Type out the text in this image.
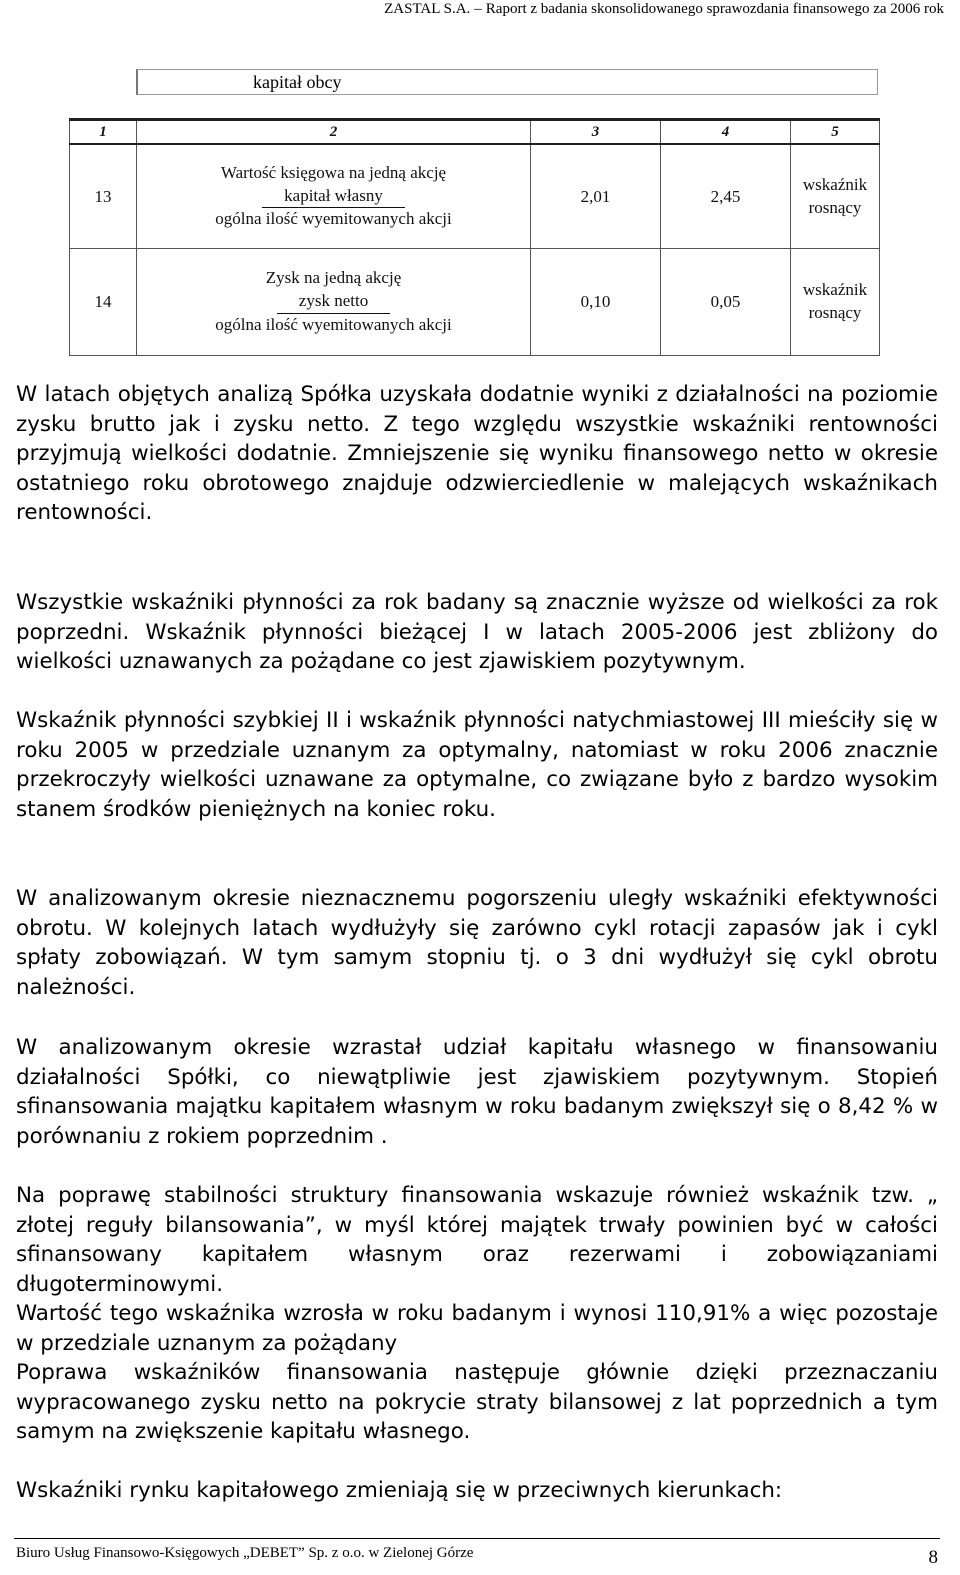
ZASTAL S.A. – Raport z badania skonsolidowanego sprawozdania finansowego za 2006 rok
kapitał obcy
1	2	3	4	5
13	Wartość księgowa na jedną akcję
kapitał własny
ogólna ilość wyemitowanych akcji	2,01	2,45	wskaźnik
rosnący

14	Zysk na jedną akcję
zysk netto
ogólna ilość wyemitowanych akcji	0,10	0,05	wskaźnik
rosnący

W latach objętych analizą Spółka uzyskała dodatnie wyniki z działalności na poziomie zysku brutto jak i zysku netto. Z tego względu wszystkie wskaźniki rentowności przyjmują wielkości dodatnie. Zmniejszenie się wyniku finansowego netto w okresie ostatniego roku obrotowego znajduje odzwierciedlenie w malejących wskaźnikach rentowności.

Wszystkie wskaźniki płynności za rok badany są znacznie wyższe od wielkości za rok poprzedni. Wskaźnik płynności bieżącej I w latach 2005-2006 jest zbliżony do wielkości uznawanych za pożądane co jest zjawiskiem pozytywnym.

Wskaźnik płynności szybkiej II i wskaźnik płynności natychmiastowej III mieściły się w roku 2005 w przedziale uznanym za optymalny, natomiast w roku 2006 znacznie przekroczyły wielkości uznawane za optymalne, co związane było z bardzo wysokim stanem środków pieniężnych na koniec roku.

W analizowanym okresie nieznacznemu pogorszeniu uległy wskaźniki efektywności obrotu. W kolejnych latach wydłużyły się zarówno cykl rotacji zapasów jak i cykl spłaty zobowiązań. W tym samym stopniu tj. o 3 dni wydłużył się cykl obrotu należności.

W analizowanym okresie wzrastał udział kapitału własnego w finansowaniu działalności Spółki, co niewątpliwie jest zjawiskiem pozytywnym. Stopień sfinansowania majątku kapitałem własnym w roku badanym zwiększył się o 8,42 % w porównaniu z rokiem poprzednim .

Na poprawę stabilności struktury finansowania wskazuje również wskaźnik tzw. „ złotej reguły bilansowania”, w myśl której majątek trwały powinien być w całości sfinansowany kapitałem własnym oraz rezerwami i zobowiązaniami długoterminowymi.

Wartość tego wskaźnika wzrosła w roku badanym i wynosi 110,91% a więc pozostaje w przedziale uznanym za pożądany

Poprawa wskaźników finansowania następuje głównie dzięki przeznaczaniu wypracowanego zysku netto na pokrycie straty bilansowej z lat poprzednich a tym samym na zwiększenie kapitału własnego.

Wskaźniki rynku kapitałowego zmieniają się w przeciwnych kierunkach:

Biuro Usług Finansowo-Księgowych „DEBET” Sp. z o.o. w Zielonej Górze	8
